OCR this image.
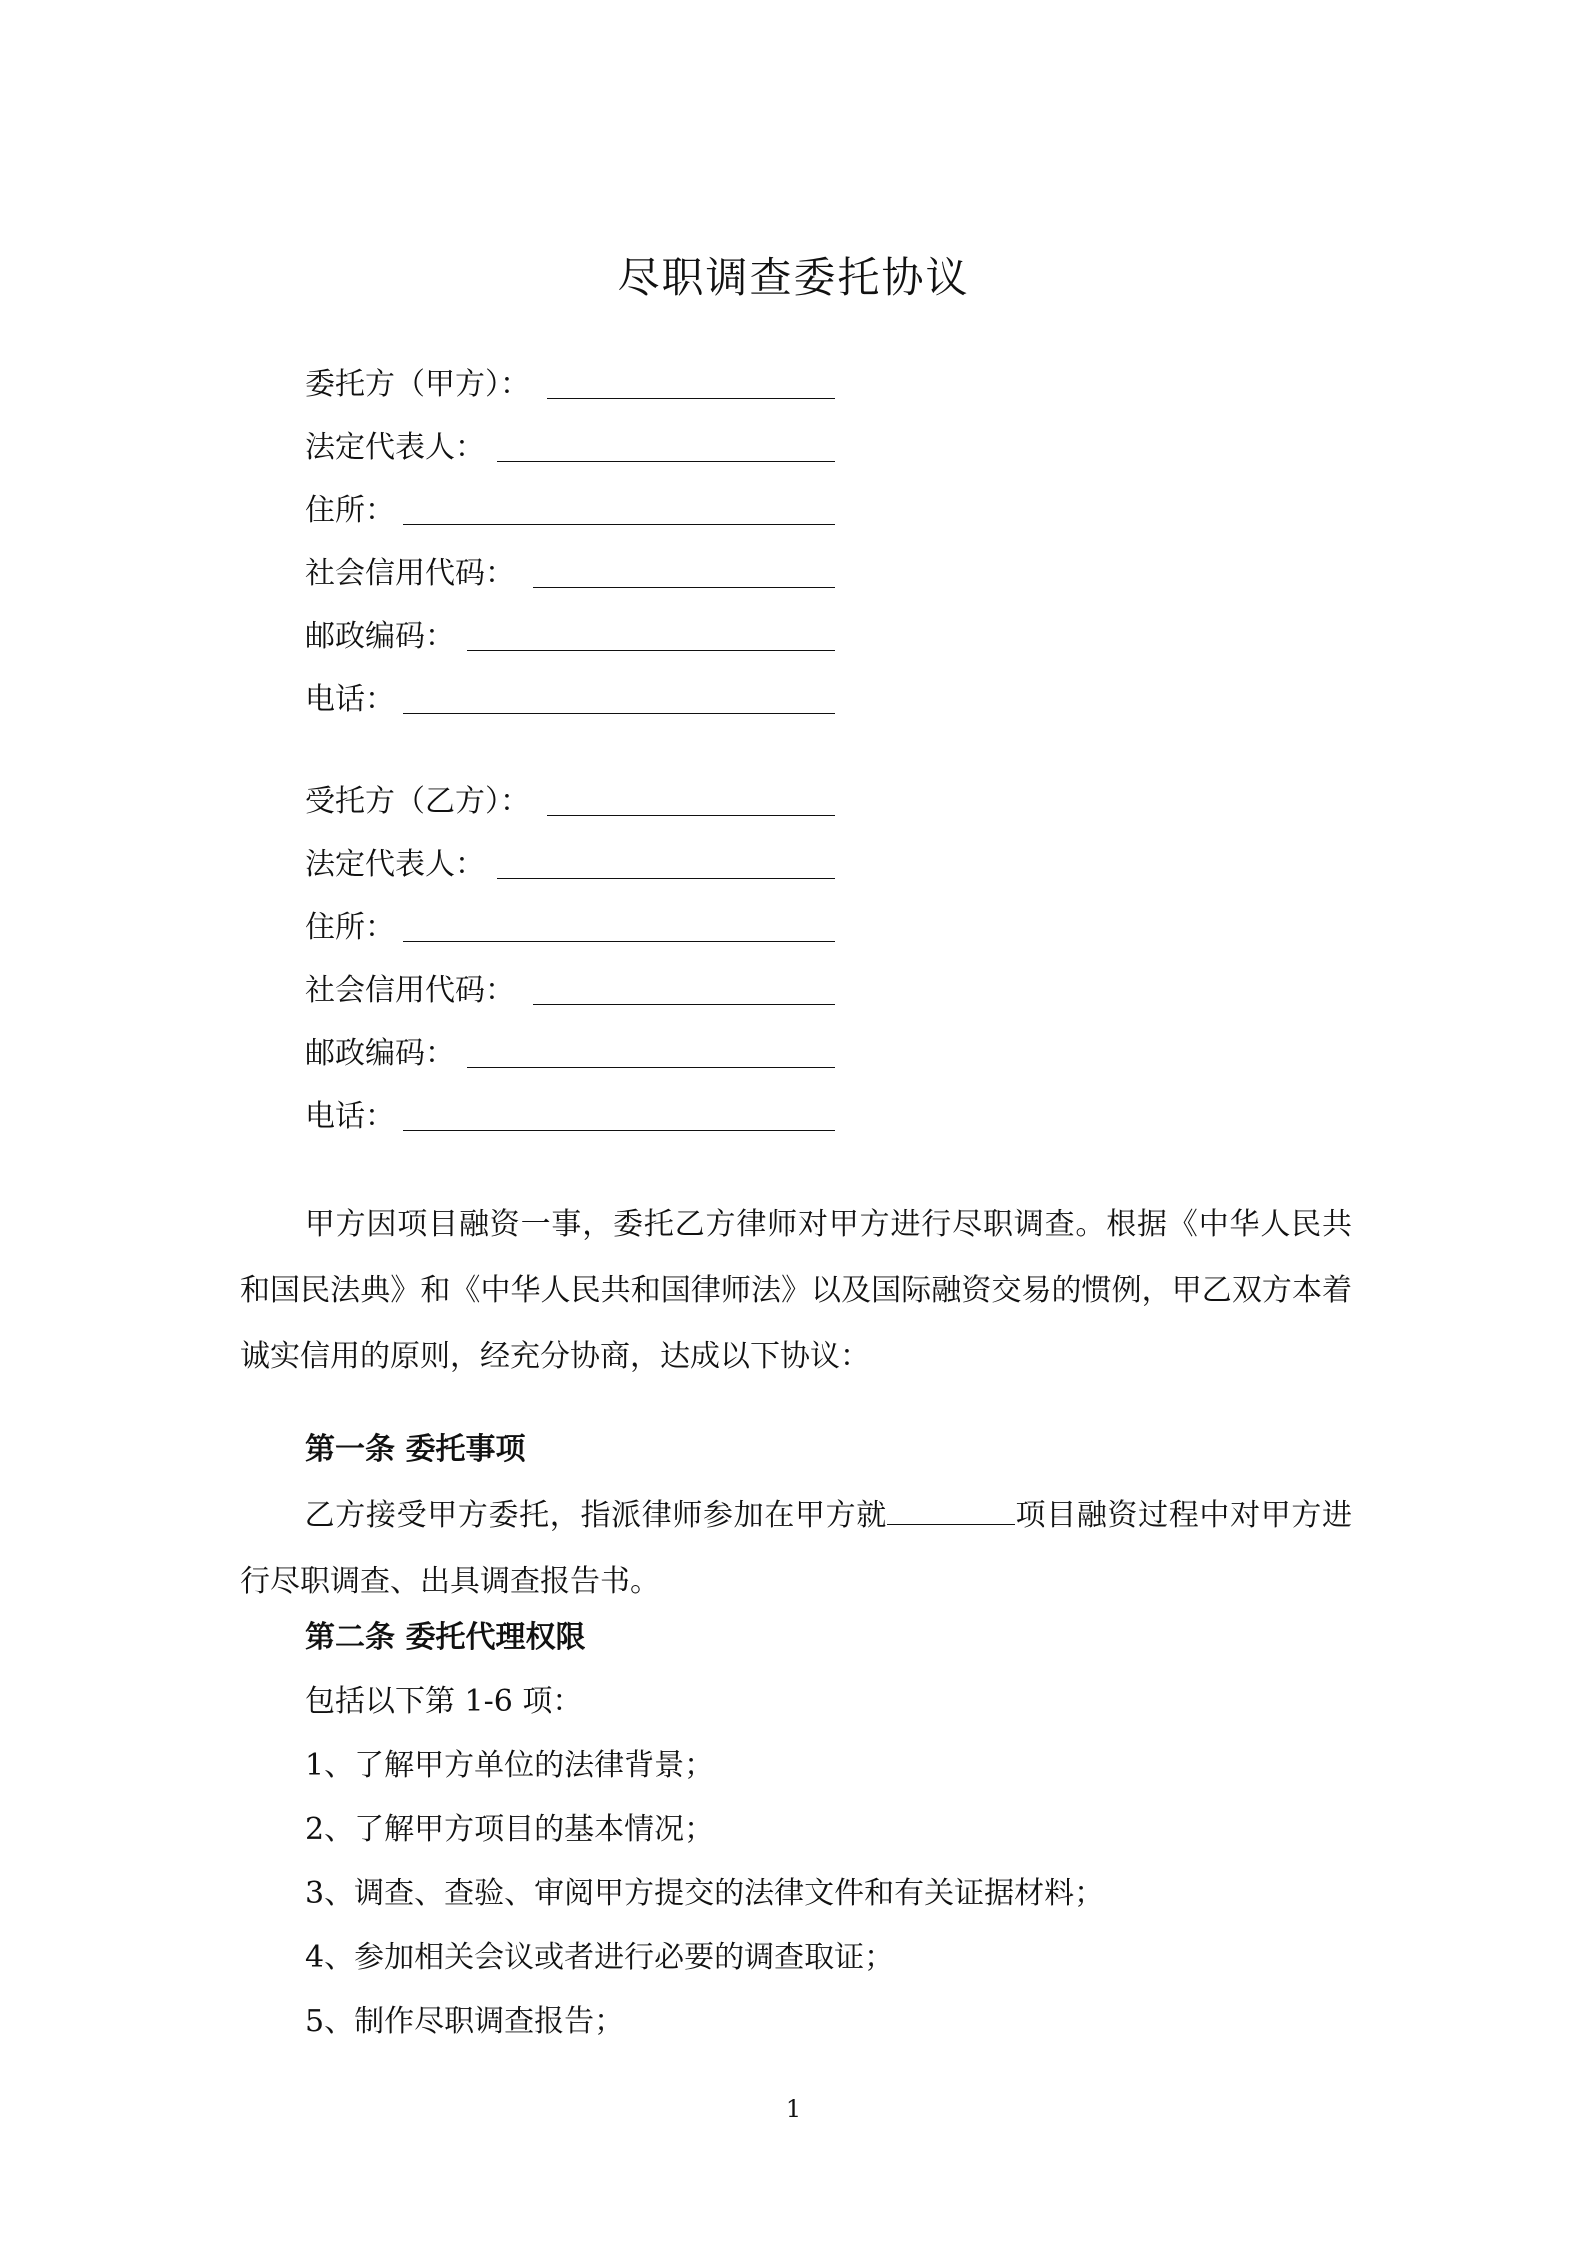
尽职调查委托协议
委托方（甲方）：
法定代表人：
住所：
社会信用代码：
邮政编码：
电话：
受托方（乙方）：
法定代表人：
住所：
社会信用代码：
邮政编码：
电话：
甲方因项目融资一事，委托乙方律师对甲方进行尽职调查。根据《中华人民共和国民法典》和《中华人民共和国律师法》以及国际融资交易的惯例，甲乙双方本着诚实信用的原则，经充分协商，达成以下协议：
第一条 委托事项
乙方接受甲方委托，指派律师参加在甲方就	项目融资过程中对甲方进行尽职调查、出具调查报告书。
第二条 委托代理权限
包括以下第 1-6 项：
1、了解甲方单位的法律背景；
2、了解甲方项目的基本情况；
3、调查、查验、审阅甲方提交的法律文件和有关证据材料；
4、参加相关会议或者进行必要的调查取证；
5、制作尽职调查报告；
1
